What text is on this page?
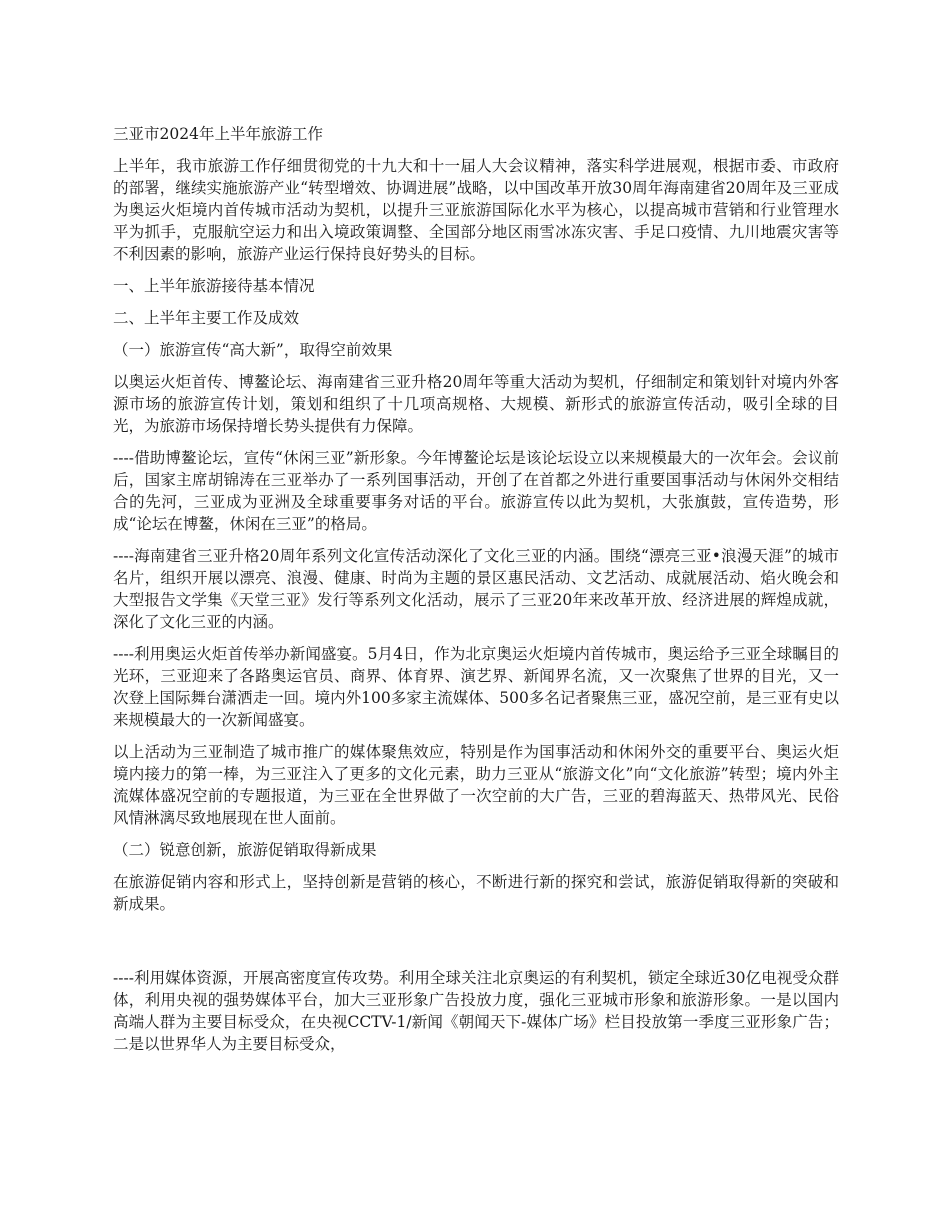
三亚市2024年上半年旅游工作
上半年，我市旅游工作仔细贯彻党的十九大和十一届人大会议精神，落实科学进展观，根据市委、市政府的部署，继续实施旅游产业“转型增效、协调进展”战略，以中国改革开放30周年海南建省20周年及三亚成为奥运火炬境内首传城市活动为契机，以提升三亚旅游国际化水平为核心，以提高城市营销和行业管理水平为抓手，克服航空运力和出入境政策调整、全国部分地区雨雪冰冻灾害、手足口疫情、九川地震灾害等不利因素的影响，旅游产业运行保持良好势头的目标。
一、上半年旅游接待基本情况
二、上半年主要工作及成效
（一）旅游宣传“高大新”，取得空前效果
以奥运火炬首传、博鳌论坛、海南建省三亚升格20周年等重大活动为契机，仔细制定和策划针对境内外客源市场的旅游宣传计划，策划和组织了十几项高规格、大规模、新形式的旅游宣传活动，吸引全球的目光，为旅游市场保持增长势头提供有力保障。
----借助博鳌论坛，宣传“休闲三亚”新形象。今年博鳌论坛是该论坛设立以来规模最大的一次年会。会议前后，国家主席胡锦涛在三亚举办了一系列国事活动，开创了在首都之外进行重要国事活动与休闲外交相结合的先河，三亚成为亚洲及全球重要事务对话的平台。旅游宣传以此为契机，大张旗鼓，宣传造势，形成“论坛在博鳌，休闲在三亚”的格局。
----海南建省三亚升格20周年系列文化宣传活动深化了文化三亚的内涵。围绕“漂亮三亚•浪漫天涯”的城市名片，组织开展以漂亮、浪漫、健康、时尚为主题的景区惠民活动、文艺活动、成就展活动、焰火晚会和大型报告文学集《天堂三亚》发行等系列文化活动，展示了三亚20年来改革开放、经济进展的辉煌成就，深化了文化三亚的内涵。
----利用奥运火炬首传举办新闻盛宴。5月4日，作为北京奥运火炬境内首传城市，奥运给予三亚全球瞩目的光环，三亚迎来了各路奥运官员、商界、体育界、演艺界、新闻界名流，又一次聚焦了世界的目光，又一次登上国际舞台潇洒走一回。境内外100多家主流媒体、500多名记者聚焦三亚，盛况空前，是三亚有史以来规模最大的一次新闻盛宴。
以上活动为三亚制造了城市推广的媒体聚焦效应，特别是作为国事活动和休闲外交的重要平台、奥运火炬境内接力的第一棒，为三亚注入了更多的文化元素，助力三亚从“旅游文化”向“文化旅游”转型；境内外主流媒体盛况空前的专题报道，为三亚在全世界做了一次空前的大广告，三亚的碧海蓝天、热带风光、民俗风情淋漓尽致地展现在世人面前。
（二）锐意创新，旅游促销取得新成果
在旅游促销内容和形式上，坚持创新是营销的核心，不断进行新的探究和尝试，旅游促销取得新的突破和新成果。
----利用媒体资源，开展高密度宣传攻势。利用全球关注北京奥运的有利契机，锁定全球近30亿电视受众群体，利用央视的强势媒体平台，加大三亚形象广告投放力度，强化三亚城市形象和旅游形象。一是以国内高端人群为主要目标受众，在央视CCTV-1/新闻《朝闻天下-媒体广场》栏目投放第一季度三亚形象广告；二是以世界华人为主要目标受众，
